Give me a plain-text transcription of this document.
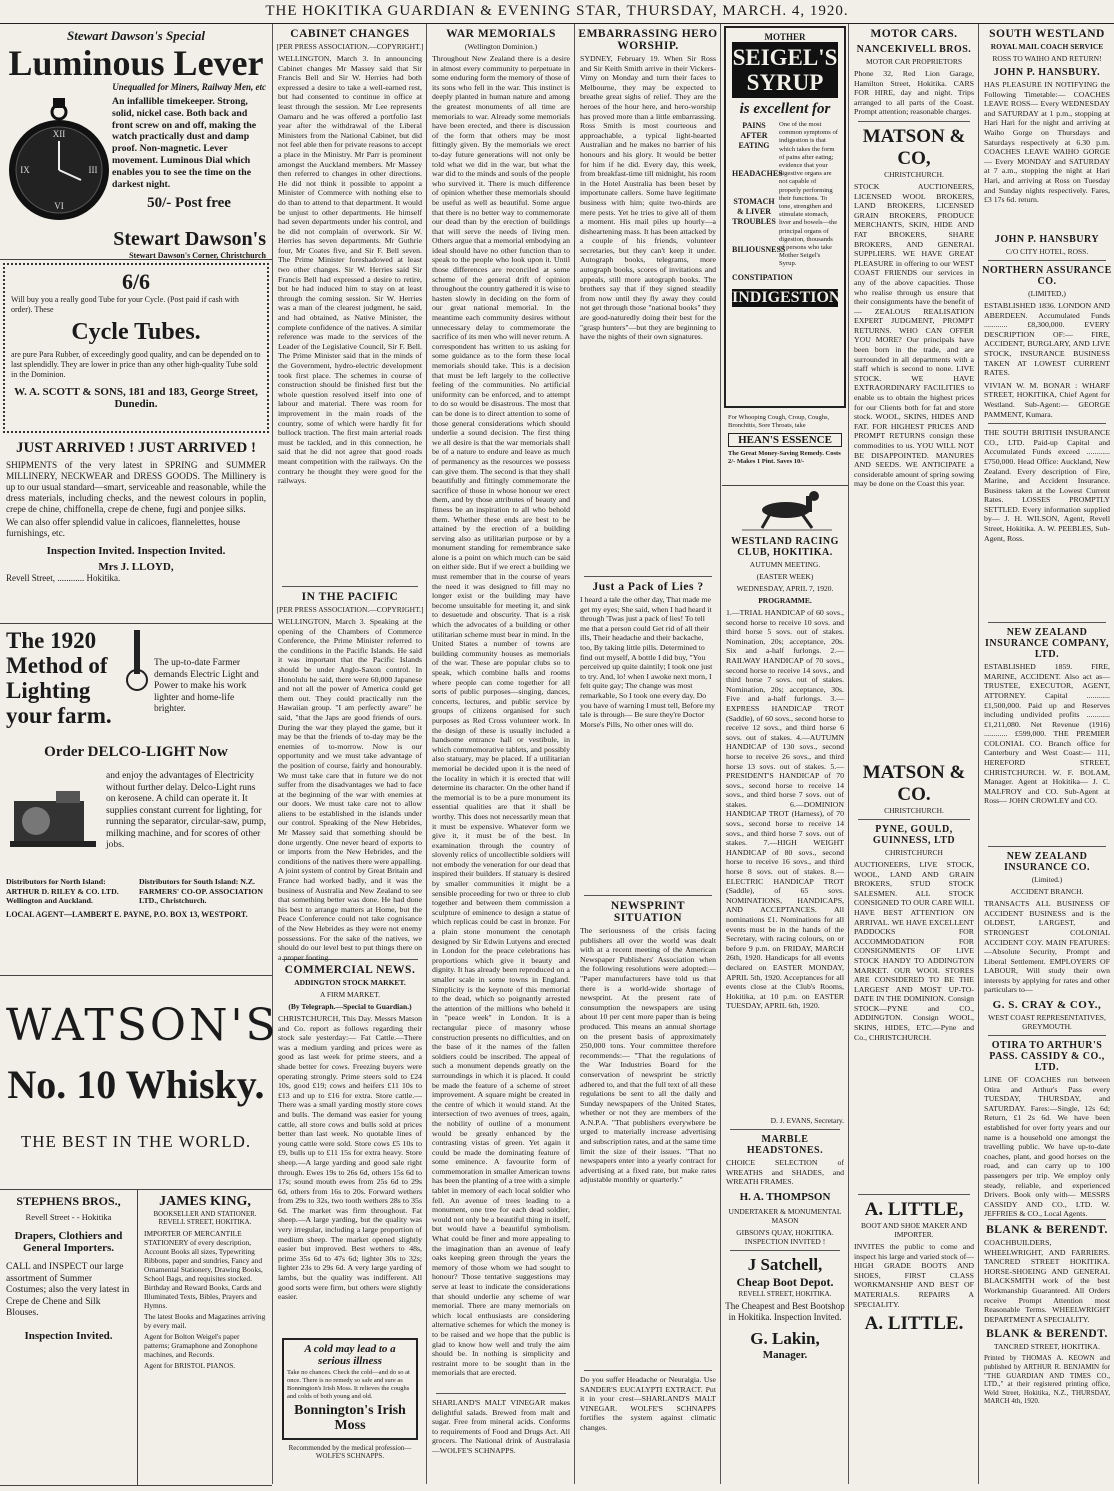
THE HOKITIKA GUARDIAN & EVENING STAR, THURSDAY, MARCH. 4, 1920.
Stewart Dawson's Special
Luminous Lever
Unequalled for Miners, Railway Men, etc
XII
III
VI
IX
An infallible timekeeper. Strong, solid, nickel case. Both back and front screw on and off, making the watch practically dust and damp proof. Non-magnetic. Lever movement. Luminous Dial which enables you to see the time on the darkest night.
50/- Post free
Stewart Dawson's
Stewart Dawson's Corner, Christchurch
6/6
Will buy you a really good Tube for your Cycle. (Post paid if cash with order). These
Cycle Tubes.
are pure Para Rubber, of exceedingly good quality, and can be depended on to last splendidly. They are lower in price than any other high-quality Tube sold in the Dominion.
W. A. SCOTT & SONS, 181 and 183, George Street, Dunedin.
JUST ARRIVED ! JUST ARRIVED !
SHIPMENTS of the very latest in SPRING and SUMMER MILLINERY, NECKWEAR and DRESS GOODS. The Millinery is up to our usual standard—smart, serviceable and reasonable, while the dress materials, including checks, and the newest colours in poplin, crepe de chine, chiffonella, crepe de chene, fugi and ponjee silks.
We can also offer splendid value in calicoes, flannelettes, house furnishings, etc.
Inspection Invited. Inspection Invited.
Mrs J. LLOYD,
Revell Street, ............ Hokitika.
The 1920 Method of Lighting your farm.
The up-to-date Farmer demands Electric Light and Power to make his work lighter and home-life brighter.
Order DELCO-LIGHT Now
and enjoy the advantages of Electricity without further delay. Delco-Light runs on kerosene. A child can operate it. It supplies constant current for lighting, for running the separator, circular-saw, pump, milking machine, and for scores of other jobs.
Distributors for North Island: ARTHUR D. RILEY & CO. LTD. Wellington and Auckland.
Distributors for South Island: N.Z. FARMERS' CO-OP. ASSOCIATION LTD., Christchurch.
LOCAL AGENT—LAMBERT E. PAYNE, P.O. BOX 13, WESTPORT.
WATSON'S
No. 10 Whisky.
THE BEST IN THE WORLD.
STEPHENS BROS.,
Revell Street - - Hokitika
Drapers, Clothiers and General Importers.
CALL and INSPECT our large assortment of Summer Costumes; also the very latest in Crepe de Chene and Silk Blouses.
Inspection Invited.
JAMES KING,
BOOKSELLER AND STATIONER. REVELL STREET, HOKITIKA.
IMPORTER OF MERCANTILE STATIONERY of every description, Account Books all sizes, Typewriting Ribbons, paper and sundries, Fancy and Ornamental Stationery, Drawing Books, School Bags, and requisites stocked. Birthday and Reward Books, Cards and Illuminated Texts, Bibles, Prayers and Hymns.
The latest Books and Magazines arriving by every mail.
Agent for Bolton Weigel's paper patterns; Gramaphone and Zonophone machines, and Records.
Agent for BRISTOL PIANOS.
CABINET CHANGES
[PER PRESS ASSOCIATION.—COPYRIGHT.]

WELLINGTON, March 3. In announcing Cabinet changes Mr Massey said that Sir Francis Bell and Sir W. Herries had both expressed a desire to take a well-earned rest, but had consented to continue in office at least through the session. Mr Lee represents Oamaru and he was offered a portfolio last year after the withdrawal of the Liberal Ministers from the National Cabinet, but did not feel able then for private reasons to accept a place in the Ministry. Mr Parr is prominent amongst the Auckland members. Mr Massey then referred to changes in other directions. He did not think it possible to appoint a Minister of Commerce with nothing else to do than to attend to that department. It would be unjust to other departments. He himself had seven departments under his control, and he did not complain of overwork. Sir W. Herries has seven departments. Mr Guthrie four, Mr Coates five, and Sir F. Bell seven. The Prime Minister foreshadowed at least two other changes. Sir W. Herries said Sir Francis Bell had expressed a desire to retire, but he had induced him to stay on at least through the coming session. Sir W. Herries was a man of the clearest judgment, he said, and had obtained, as Native Minister, the complete confidence of the natives. A similar reference was made to the services of the Leader of the Legislative Council, Sir F. Bell. The Prime Minister said that in the minds of the Government, hydro-electric development took first place. The schemes in course of construction should be finished first but the whole question resolved itself into one of labour and material. There was room for improvement in the main roads of the country, some of which were hardly fit for bullock traction. The first main arterial roads must be tackled, and in this connection, he said that he did not agree that good roads meant competition with the railways. On the contrary he thought they were good for the railways.

IN THE PACIFIC
[PER PRESS ASSOCIATION.—COPYRIGHT.]

WELLINGTON, March 3. Speaking at the opening of the Chambers of Commerce Conference, the Prime Minister referred to the conditions in the Pacific Islands. He said it was important that the Pacific Islands should be under Anglo-Saxon control. In Honolulu he said, there were 60,000 Japanese and not all the power of America could get them out. They could practically run the Hawaiian group. "I am perfectly aware" he said, "that the Japs are good friends of ours. During the war they played the game, but it may be that the friends of to-day may be the enemies of to-morrow. Now is our opportunity and we must take advantage of the position of course, fairly and honourably. We must take care that in future we do not suffer from the disadvantages we had to face at the beginning of the war with enemies at our doors. We must take care not to allow aliens to be established in the islands under our control. Speaking of the New Hebrides, Mr Massey said that something should be done urgently. One never heard of exports to or imports from the New Hebrides, and the conditions of the natives there were appalling. A joint system of control by Great Britain and France had worked badly, and it was the business of Australia and New Zealand to see that something better was done. He had done his best to arrange matters at Home, but the Peace Conference could not take cognisance of the New Hebrides as they were not enemy possessions. For the sake of the natives, we should do our level best to put things there on a proper footing.

COMMERCIAL NEWS.
ADDINGTON STOCK MARKET.
A FIRM MARKET.
(By Telegraph.—Special to Guardian.)

CHRISTCHURCH, This Day. Messrs Matson and Co. report as follows regarding their stock sale yesterday:— Fat Cattle.—There was a medium yarding and prices were as good as last week for prime steers, and a shade better for cows. Freezing buyers were operating strongly. Prime steers sold to £24 10s, good £19; cows and heifers £11 10s to £13 and up to £16 for extra. Store cattle.—There was a small yarding mostly store cows and bulls. The demand was easier for young cattle, all store cows and bulls sold at prices better than last week. No quotable lines of young cattle were sold. Store cows £5 10s to £9, bulls up to £11 15s for extra heavy. Store sheep.—A large yarding and good sale right through. Ewes 19s to 26s 6d, others 15s 6d to 17s; sound mouth ewes from 25s 6d to 29s 6d, others from 16s to 20s. Forward wethers from 29s to 32s, two tooth wethers 28s to 35s 6d. The market was firm throughout. Fat sheep.—A large yarding, but the quality was very irregular, including a large proportion of medium sheep. The market opened slightly easier but improved. Best wethers to 48s, prime 35s 6d to 47s 6d; lighter 30s to 32s; lighter 23s to 29s 6d. A very large yarding of lambs, but the quality was indifferent. All good sorts were firm, but others were slightly easier.

A cold may lead to a serious illness
Take no chances. Check the cold—and do so at once. There is no remedy so safe and sure as Bonnington's Irish Moss. It relieves the coughs and colds of both young and old.
Bonnington's Irish Moss
Recommended by the medical profession—WOLFE'S SCHNAPPS.
WAR MEMORIALS
(Wellington Dominion.)

Throughout New Zealand there is a desire in almost every community to perpetuate in some enduring form the memory of those of its sons who fell in the war. This instinct is deeply planted in human nature and among the greatest monuments of all time are memorials to war. Already some memorials have been erected, and there is discussion of the form that others may be most fittingly given. By the memorials we erect to-day future generations will not only be told what we did in the war, but what the war did to the minds and souls of the people who survived it. There is much difference of opinion whether these memorials should be useful as well as beautiful. Some argue that there is no better way to commemorate our dead than by the erection of buildings that will serve the needs of living men. Others argue that a memorial embodying an ideal should have no other function than to speak to the people who look upon it. Until those differences are reconciled at some scheme of the general drift of opinion throughout the country gathered it is wise to hasten slowly in deciding on the form of our great national memorial. In the meantime each community desires without unnecessary delay to commemorate the sacrifice of its men who will never return. A correspondent has written to us asking for some guidance as to the form these local memorials should take. This is a decision that must be left largely to the collective feeling of the communities. No artificial uniformity can be enforced, and to attempt to do so would be disastrous. The most that can be done is to direct attention to some of those general considerations which should underlie a sound decision. The first thing we all desire is that the war memorials shall be of a nature to endure and leave as much of permanency as the resources we possess can give them. The second is that they shall beautifully and fittingly commemorate the sacrifice of those in whose honour we erect them, and by those attributes of beauty and fitness be an inspiration to all who behold them. Whether these ends are best to be attained by the erection of a building serving also as utilitarian purpose or by a monument standing for remembrance sake alone is a point on which much can be said on either side. But if we erect a building we must remember that in the course of years the need it was designed to fill may no longer exist or the building may have become unsuitable for meeting it, and sink to desuetude and obscurity. That is a risk which the advocates of a building or other utilitarian scheme must bear in mind. In the United States a number of towns are building community houses as memorials of the war. These are popular clubs so to speak, which combine halls and rooms where people can come together for all sorts of public purposes—singing, dances, concerts, lectures, and public service by groups of citizens organised for such purposes as Red Cross volunteer work. In the design of these is usually included a handsome entrance hall or vestibule, in which commemorative tablets, and possibly also statuary, may be placed. If a utilitarian memorial be decided upon it is the need of the locality in which it is erected that will determine its character. On the other hand if the memorial is to be a pure monument its essential qualities are that it shall be worthy. This does not necessarily mean that it must be expensive. Whatever form we give it, it must be of the best. In examination through the country of slovenly relics of uncollectible soldiers will not embody the veneration for our dead that inspired their builders. If statuary is desired by smaller communities it might be a sensible proceeding for two or three to club together and between them commission a sculpture of eminence to design a statue of which replicas could be cast in bronze. For a plain stone monument the cenotaph designed by Sir Edwin Lutyens and erected in London for the peace celebrations has proportions which give it beauty and dignity. It has already been reproduced on a smaller scale in some towns in England. Simplicity is the keynote of this memorial to the dead, which so poignantly arrested the attention of the millions who beheld it in "peace week" in London. It is a rectangular piece of masonry whose construction presents no difficulties, and on the base of it the names of the fallen soldiers could be inscribed. The appeal of such a monument depends greatly on the surroundings in which it is placed. It could be made the feature of a scheme of street improvement. A square might be created in the centre of which it would stand. At the intersection of two avenues of trees, again, the nobility of outline of a monument would be greatly enhanced by the contrasting vistas of green. Yet again it could be made the dominating feature of some eminence. A favourite form of commemoration in smaller American towns has been the planting of a tree with a simple tablet in memory of each local soldier who fell. An avenue of trees leading to a monument, one tree for each dead soldier, would not only be a beautiful thing in itself, but would have a beautiful symbolism. What could be finer and more appealing to the imagination than an avenue of leafy oaks keeping green through the years the memory of those whom we had sought to honour? Those tentative suggestions may serve at least to indicate the considerations that should underlie any scheme of war memorial. There are many memorials on which local enthusiasts are considering alternative schemes for which the money is to be raised and we hope that the public is glad to know how well and truly the aim should be. In nothing is simplicity and restraint more to be sought than in the memorials that are erected.

SHARLAND'S MALT VINEGAR makes delightful salads. Brewed from malt and sugar. Free from mineral acids. Conforms to requirements of Food and Drugs Act. All grocers. The National drink of Australasia—WOLFE'S SCHNAPPS.

EMBARRASSING HERO WORSHIP.

SYDNEY, February 19. When Sir Ross and Sir Keith Smith arrive in their Vickers-Vimy on Monday and turn their faces to Melbourne, they may be expected to breathe great sighs of relief. They are the heroes of the hour here, and hero-worship has proved more than a little embarrassing. Ross Smith is most courteous and approachable, a typical light-hearted Australian and he makes no barrier of his honours and his glory. It would be better for him if he did. Every day, this week, from breakfast-time till midnight, his room in the Hotel Australia has been beset by importunate callers. Some have legitimate business with him; quite two-thirds are mere pests. Yet he tries to give all of them a moment. His mail piles up hourly—a disheartening mass. It has been attacked by a couple of his friends, volunteer secretaries, but they can't keep it under. Autograph books, telegrams, more autograph books, scores of invitations and appeals, still more autograph books. The brothers say that if they signed steadily from now until they fly away they could not get through those "national books" they are good-naturedly doing their best for the "grasp hunters"—but they are beginning to have the nights of their own signatures.

Just a Pack of Lies ?

I heard a tale the other day, That made me get my eyes; She said, when I had heard it through 'Twas just a pack of lies! To tell me that a person could Get rid of all their ills, Their headache and their backache, too, By taking little pills. Determined to find out myself, A bottle I did buy, "You perceived up quite daintily; I took one just to try. And, lo! when I awoke next morn, I felt quite gay; The change was most remarkable, So I took one every day. Do you have of warning I must tell, Before my tale is through— Be sure they're Doctor Morse's Pills, No other ones will do.

NEWSPRINT SITUATION

The seriousness of the crisis facing publishers all over the world was dealt with at a recent meeting of the American Newspaper Publishers' Association when the following resolutions were adopted:— "Paper manufacturers have told us that there is a world-wide shortage of newsprint. At the present rate of consumption the newspapers are using about 10 per cent more paper than is being produced. This means an annual shortage on the present basis of approximately 250,000 tons. Your committee therefore recommends:— "That the regulations of the War Industries Board for the conservation of newsprint be strictly adhered to, and that the full text of all these regulations be sent to all the daily and Sunday newspapers of the United States, whether or not they are members of the A.N.P.A. "That publishers everywhere be urged to materially increase advertising and subscription rates, and at the same time limit the size of their issues. "That no newspapers enter into a yearly contract for advertising at a fixed rate, but make rates adjustable monthly or quarterly."

Do you suffer Headache or Neuralgia. Use SANDER'S EUCALYPTI EXTRACT. Put it in your crest—SHARLAND'S MALT VINEGAR. WOLFE'S SCHNAPPS fortifies the system against climatic changes.

MOTHER
SEIGEL'S SYRUP
is excellent for
PAINS AFTER EATING
HEADACHES
STOMACH & LIVER TROUBLES
BILIOUSNESS
CONSTIPATION
One of the most common symptoms of indigestion is that which takes the form of pains after eating; evidence that your digestive organs are not capable of properly performing their functions. To tone, strengthen and stimulate stomach, liver and bowels—the principal organs of digestion, thousands of persons who take Mother Seigel's Syrup.
INDIGESTION
For Whooping Cough, Croup, Coughs, Bronchitis, Sore Throats, take
HEAN'S ESSENCE
The Great Money-Saving Remedy. Costs 2/- Makes 1 Pint. Saves 10/-
WESTLAND RACING CLUB, HOKITIKA.
AUTUMN MEETING.
(EASTER WEEK)
WEDNESDAY, APRIL 7, 1920.
PROGRAMME.

1.—TRIAL HANDICAP of 60 sovs., second horse to receive 10 sovs. and third horse 5 sovs. out of stakes. Nomination, 20s; acceptance, 20s. Six and a-half furlongs. 2.—RAILWAY HANDICAP of 70 sovs., second horse to receive 14 sovs., and third horse 7 sovs. out of stakes. Nomination, 20s; acceptance, 30s. Five and a-half furlongs. 3.—EXPRESS HANDICAP TROT (Saddle), of 60 sovs., second horse to receive 12 sovs., and third horse 6 sovs. out of stakes. 4.—AUTUMN HANDICAP of 130 sovs., second horse to receive 26 sovs., and third horse 13 sovs. out of stakes. 5.—PRESIDENT'S HANDICAP of 70 sovs., second horse to receive 14 sovs., and third horse 7 sovs. out of stakes. 6.—DOMINION HANDICAP TROT (Harness), of 70 sovs., second horse to receive 14 sovs., and third horse 7 sovs. out of stakes. 7.—HIGH WEIGHT HANDICAP of 80 sovs., second horse to receive 16 sovs., and third horse 8 sovs. out of stakes. 8.—ELECTRIC HANDICAP TROT (Saddle), of 65 sovs. NOMINATIONS, HANDICAPS, AND ACCEPTANCES. All nominations £1. Nominations for all events must be in the hands of the Secretary, with racing colours, on or before 9 p.m. on FRIDAY, MARCH 26th, 1920. Handicaps for all events declared on EASTER MONDAY, APRIL 5th, 1920. Acceptances for all events close at the Club's Rooms, Hokitika, at 10 p.m. on EASTER TUESDAY, APRIL 6th, 1920.

D. J. EVANS, Secretary.
MARBLE HEADSTONES.

CHOICE SELECTION of WREATHS and SHADES, and WREATH FRAMES.

H. A. THOMPSON
UNDERTAKER & MONUMENTAL MASON
GIBSON'S QUAY, HOKITIKA. INSPECTION INVITED !
J Satchell,
Cheap Boot Depot.
REVELL STREET, HOKITIKA.
The Cheapest and Best Bootshop in Hokitika. Inspection Invited.
G. Lakin,
Manager.
MOTOR CARS.
NANCEKIVELL BROS.
MOTOR CAR PROPRIETORS

Phone 32, Red Lion Garage, Hamilton Street, Hokitika. CARS FOR HIRE, day and night. Trips arranged to all parts of the Coast. Prompt attention; reasonable charges.

MATSON & CO,
CHRISTCHURCH.

STOCK AUCTIONEERS, LICENSED WOOL BROKERS, LAND BROKERS, LICENSED GRAIN BROKERS, PRODUCE MERCHANTS, SKIN, HIDE AND FAT BROKERS, SHARE BROKERS, AND GENERAL SUPPLIERS. WE HAVE GREAT PLEASURE in offering to our WEST COAST FRIENDS our services in any of the above capacities. Those who realise through us ensure that their consignments have the benefit of— ZEALOUS REALISATION EXPERT JUDGMENT, PROMPT RETURNS. WHO CAN OFFER YOU MORE? Our principals have been born in the trade, and are surrounded in all departments with a staff which is second to none. LIVE STOCK. WE HAVE EXTRAORDINARY FACILITIES to enable us to obtain the highest prices for our Clients both for fat and store stock. WOOL, SKINS, HIDES AND FAT. FOR HIGHEST PRICES AND PROMPT RETURNS consign these commodities to us. YOU WILL NOT BE DISAPPOINTED. MANURES AND SEEDS. WE ANTICIPATE a considerable amount of spring sowing may be done on the Coast this year.

MATSON & CO.
CHRISTCHURCH.
PYNE, GOULD, GUINNESS, LTD
CHRISTCHURCH

AUCTIONEERS, LIVE STOCK, WOOL, LAND AND GRAIN BROKERS, STUD STOCK SALESMEN. ALL STOCK CONSIGNED TO OUR CARE WILL HAVE BEST ATTENTION ON ARRIVAL. WE HAVE EXCELLENT PADDOCKS FOR ACCOMMODATION FOR CONSIGNMENTS OF LIVE STOCK HANDY TO ADDINGTON MARKET. OUR WOOL STORES ARE CONSIDERED TO BE THE LARGEST AND MOST UP-TO-DATE IN THE DOMINION. Consign STOCK—PYNE and CO., ADDINGTON. Consign WOOL, SKINS, HIDES, ETC.—Pyne and Co., CHRISTCHURCH.

A. LITTLE,
BOOT AND SHOE MAKER AND IMPORTER.

INVITES the public to come and inspect his large and varied stock of— HIGH GRADE BOOTS AND SHOES, FIRST CLASS WORKMANSHIP AND BEST OF MATERIALS. REPAIRS A SPECIALITY.

A. LITTLE.
SOUTH WESTLAND
ROYAL MAIL COACH SERVICE
ROSS TO WAIHO AND RETURN!
JOHN P. HANSBURY.

HAS PLEASURE IN NOTIFYING the Following Timetable:— COACHES LEAVE ROSS— Every WEDNESDAY and SATURDAY at 1 p.m., stopping at Hari Hari for the night and arriving at Waiho Gorge on Thursdays and Saturdays respectively at 6.30 p.m. COACHES LEAVE WAIHO GORGE— Every MONDAY and SATURDAY at 7 a.m., stopping the night at Hari Hari, and arriving at Ross on Tuesday and Sunday nights respectively. Fares, £3 17s 6d. return.

JOHN P. HANSBURY
C/O CITY HOTEL, ROSS.
NORTHERN ASSURANCE CO.
(LIMITED,)

ESTABLISHED 1836. LONDON AND ABERDEEN. Accumulated Funds ............ £8,300,000. EVERY DESCRIPTION OF:— FIRE, ACCIDENT, BURGLARY, AND LIVE STOCK, INSURANCE BUSINESS TAKEN AT LOWEST CURRENT RATES.

VIVIAN W. M. BONAR : WHARF STREET, HOKITIKA, Chief Agent for Westland. Sub-Agent:— GEORGE PAMMENT, Kumara.

THE SOUTH BRITISH INSURANCE CO., LTD. Paid-up Capital and Accumulated Funds exceed ............ £750,000. Head Office: Auckland, New Zealand. Every description of Fire, Marine, and Accident Insurance. Business taken at the Lowest Current Rates. LOSSES PROMPTLY SETTLED. Every information supplied by— J. H. WILSON, Agent, Revell Street, Hokitika. A. W. PEEBLES, Sub-Agent, Ross.

NEW ZEALAND INSURANCE COMPANY, LTD.

ESTABLISHED 1859. FIRE, MARINE, ACCIDENT. Also act as— TRUSTEE, EXECUTOR, AGENT, ATTORNEY. Capital ............ £1,500,000. Paid up and Reserves including undivided profits ............ £1,211,080. Net Revenue (1916) ............ £599,000. THE PREMIER COLONIAL CO. Branch office for Canterbury and West Coast:— 111, HEREFORD STREET, CHRISTCHURCH. W. F. BOLAM, Manager. Agent at Hokitika— J. C. MALFROY and CO. Sub-Agent at Ross— JOHN CROWLEY and CO.

NEW ZEALAND INSURANCE CO.
(Limited.)
ACCIDENT BRANCH.

TRANSACTS ALL BUSINESS OF ACCIDENT BUSINESS and is the OLDEST, LARGEST, and STRONGEST COLONIAL ACCIDENT COY. MAIN FEATURES:—Absolute Security, Prompt and Liberal Settlement. EMPLOYERS OF LABOUR, Will study their own interests by applying for rates and other particulars to—

G. S. CRAY & COY.,
WEST COAST REPRESENTATIVES, GREYMOUTH.
OTIRA TO ARTHUR'S PASS. CASSIDY & CO., LTD.

LINE OF COACHES run between Otira and Arthur's Pass every TUESDAY, THURSDAY, and SATURDAY. Fares:—Single, 12s 6d; Return, £1 2s 6d. We have been established for over forty years and our name is a household one amongst the travelling public. We have up-to-date coaches, plant, and good horses on the road, and can carry up to 100 passengers per trip. We employ only steady, reliable, and experienced Drivers. Book only with— MESSRS CASSIDY AND CO., LTD. W. JEFFRIES & CO., Local Agents.

BLANK & BERENDT.

COACHBUILDERS, WHEELWRIGHT, AND FARRIERS. TANCRED STREET HOKITIKA. HORSE-SHOEING AND GENERAL BLACKSMITH work of the best Workmanship Guaranteed. All Orders receive Prompt Attention most Reasonable Terms. WHEELWRIGHT DEPARTMENT A SPECIALITY.

BLANK & BERENDT.
TANCRED STREET, HOKITIKA.

Printed by THOMAS A. KEOWN and published by ARTHUR R. BENJAMIN for "THE GUARDIAN AND TIMES CO., LTD.," at their registered printing office, Weld Street, Hokitika, N.Z., THURSDAY, MARCH 4th, 1920.
